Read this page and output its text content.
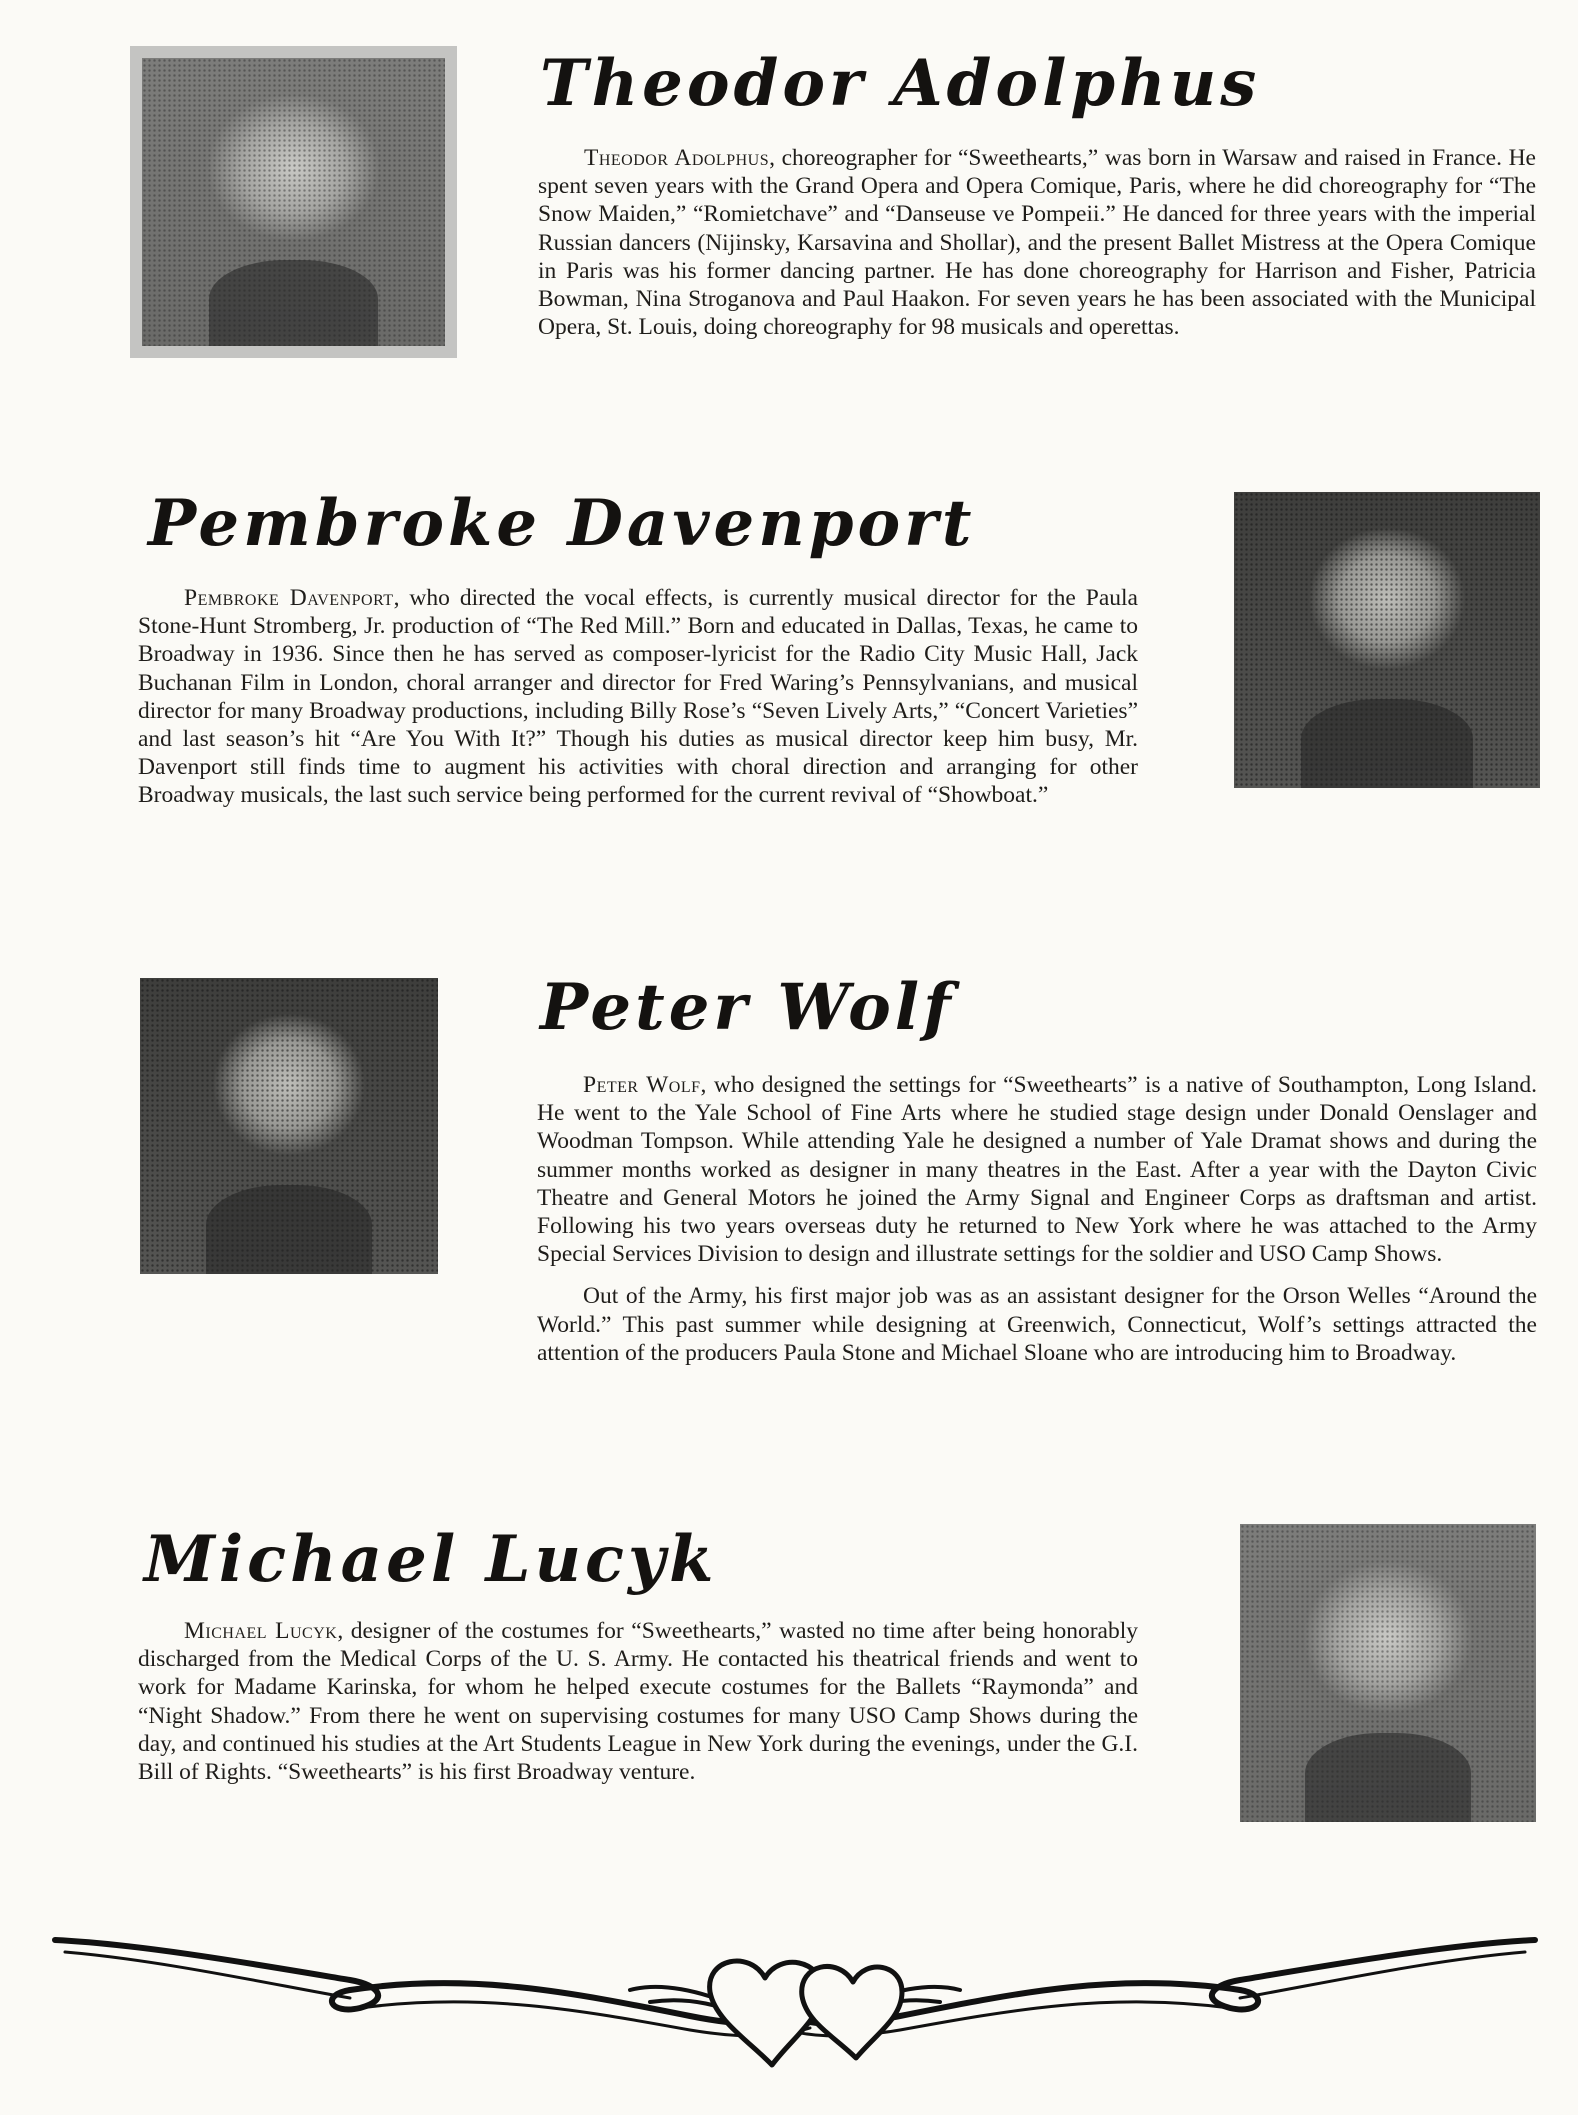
Theodor Adolphus

Theodor Adolphus, choreographer for “Sweethearts,” was born in Warsaw and raised in France. He spent seven years with the Grand Opera and Opera Comique, Paris, where he did choreography for “The Snow Maiden,” “Romietchave” and “Danseuse ve Pompeii.” He danced for three years with the imperial Russian dancers (Nijinsky, Karsavina and Shollar), and the present Ballet Mistress at the Opera Comique in Paris was his former dancing partner. He has done choreography for Harrison and Fisher, Patricia Bowman, Nina Stroganova and Paul Haakon. For seven years he has been associated with the Municipal Opera, St. Louis, doing choreography for 98 musicals and operettas.

Pembroke Davenport

Pembroke Davenport, who directed the vocal effects, is currently musical director for the Paula Stone-Hunt Stromberg, Jr. production of “The Red Mill.” Born and educated in Dallas, Texas, he came to Broadway in 1936. Since then he has served as composer-lyricist for the Radio City Music Hall, Jack Buchanan Film in London, choral arranger and director for Fred Waring’s Pennsylvanians, and musical director for many Broadway productions, including Billy Rose’s “Seven Lively Arts,” “Concert Varieties” and last season’s hit “Are You With It?” Though his duties as musical director keep him busy, Mr. Davenport still finds time to augment his activities with choral direction and arranging for other Broadway musicals, the last such service being performed for the current revival of “Showboat.”

Peter Wolf

Peter Wolf, who designed the settings for “Sweethearts” is a native of Southampton, Long Island. He went to the Yale School of Fine Arts where he studied stage design under Donald Oenslager and Woodman Tompson. While attending Yale he designed a number of Yale Dramat shows and during the summer months worked as designer in many theatres in the East. After a year with the Dayton Civic Theatre and General Motors he joined the Army Signal and Engineer Corps as draftsman and artist. Following his two years overseas duty he returned to New York where he was attached to the Army Special Services Division to design and illustrate settings for the soldier and USO Camp Shows.

Out of the Army, his first major job was as an assistant designer for the Orson Welles “Around the World.” This past summer while designing at Greenwich, Connecticut, Wolf’s settings attracted the attention of the producers Paula Stone and Michael Sloane who are introducing him to Broadway.

Michael Lucyk

Michael Lucyk, designer of the costumes for “Sweethearts,” wasted no time after being honorably discharged from the Medical Corps of the U. S. Army. He contacted his theatrical friends and went to work for Madame Karinska, for whom he helped execute costumes for the Ballets “Raymonda” and “Night Shadow.” From there he went on supervising costumes for many USO Camp Shows during the day, and continued his studies at the Art Students League in New York during the evenings, under the G.I. Bill of Rights. “Sweethearts” is his first Broadway venture.
